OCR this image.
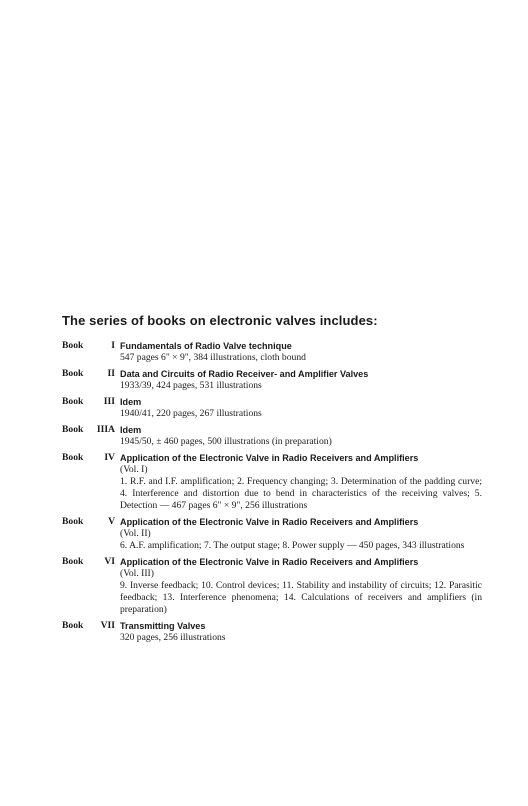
The series of books on electronic valves includes:
Book	I Fundamentals of Radio Valve technique
547 pages 6" × 9", 384 illustrations, cloth bound
Book	II Data and Circuits of Radio Receiver- and Amplifier Valves
1933/39, 424 pages, 531 illustrations
Book III Idem
1940/41, 220 pages, 267 illustrations
Book IIIA Idem
1945/50, ± 460 pages, 500 illustrations (in preparation)
Book IV Application of the Electronic Valve in Radio Receivers and Amplifiers
(Vol. I)
1. R.F. and I.F. amplification; 2. Frequency changing; 3. Determination of the padding curve; 4. Interference and distortion due to bend in characteristics of the receiving valves; 5. Detection — 467 pages 6" × 9", 256 illustrations
Book	V Application of the Electronic Valve in Radio Receivers and Amplifiers
(Vol. II)
6. A.F. amplification; 7. The output stage; 8. Power supply — 450 pages, 343 illustrations
Book VI Application of the Electronic Valve in Radio Receivers and Amplifiers
(Vol. III)
9. Inverse feedback; 10. Control devices; 11. Stability and instability of circuits; 12. Parasitic feedback; 13. Interference phenomena; 14. Calculations of receivers and amplifiers (in preparation)
Book VII Transmitting Valves
320 pages, 256 illustrations
